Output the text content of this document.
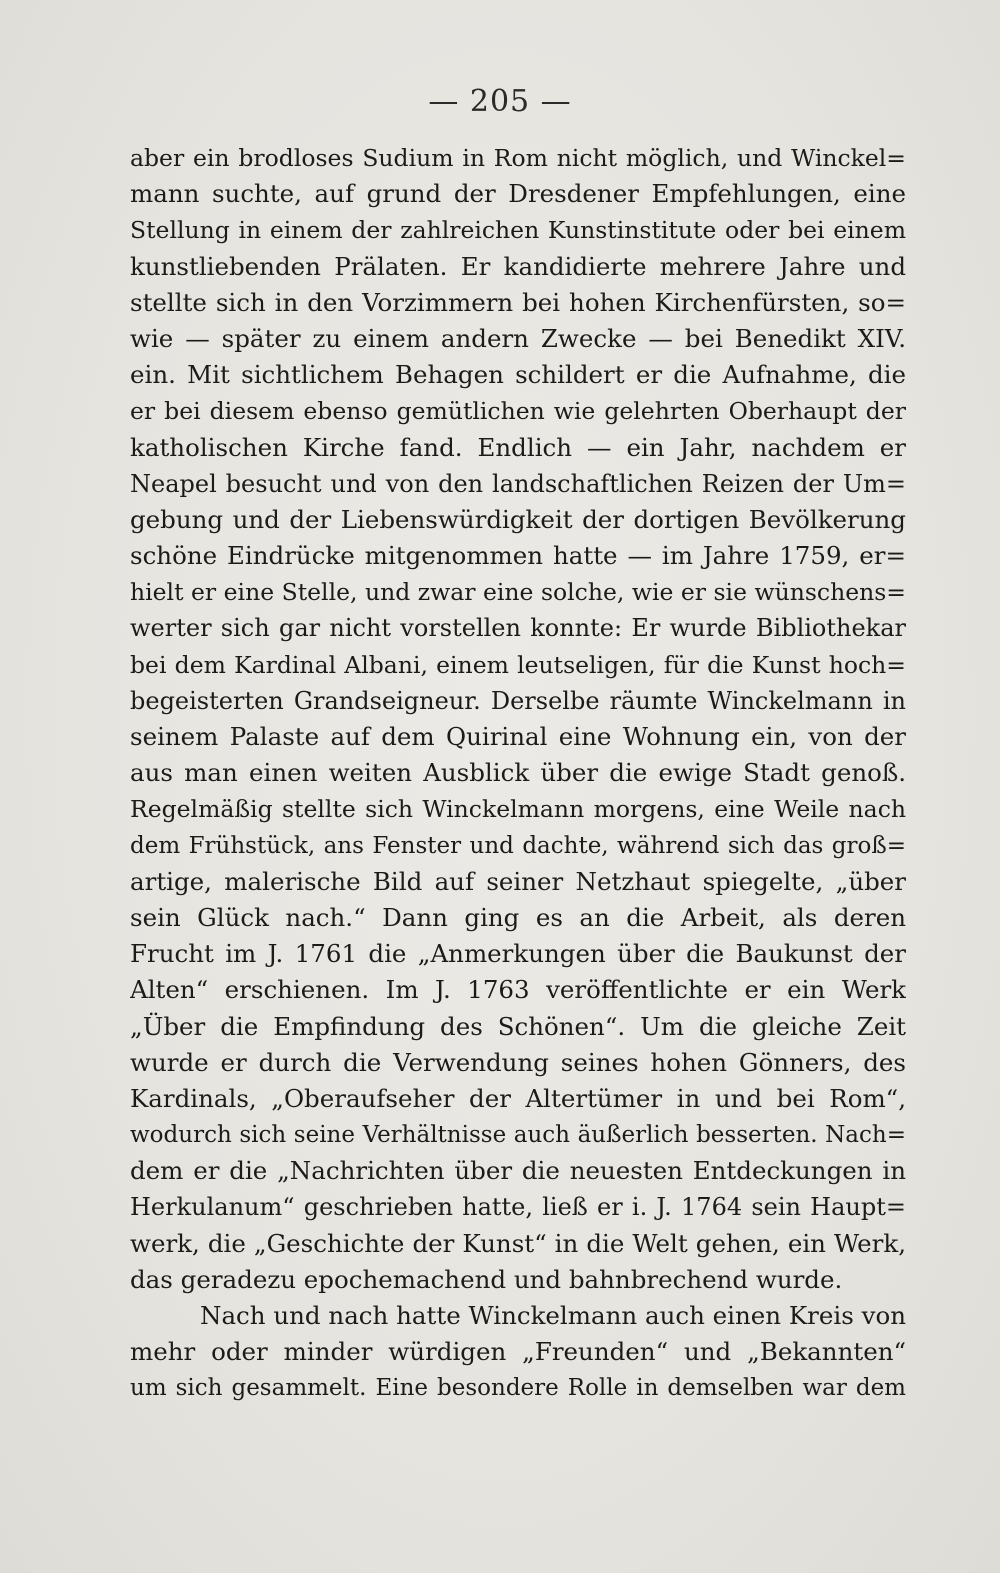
— 205 —
aber ein brodloses Sudium in Rom nicht möglich, und Winckel=
mann suchte, auf grund der Dresdener Empfehlungen, eine
Stellung in einem der zahlreichen Kunstinstitute oder bei einem
kunstliebenden Prälaten. Er kandidierte mehrere Jahre und
stellte sich in den Vorzimmern bei hohen Kirchenfürsten, so=
wie — später zu einem andern Zwecke — bei Benedikt XIV.
ein. Mit sichtlichem Behagen schildert er die Aufnahme, die
er bei diesem ebenso gemütlichen wie gelehrten Oberhaupt der
katholischen Kirche fand. Endlich — ein Jahr, nachdem er
Neapel besucht und von den landschaftlichen Reizen der Um=
gebung und der Liebenswürdigkeit der dortigen Bevölkerung
schöne Eindrücke mitgenommen hatte — im Jahre 1759, er=
hielt er eine Stelle, und zwar eine solche, wie er sie wünschens=
werter sich gar nicht vorstellen konnte: Er wurde Bibliothekar
bei dem Kardinal Albani, einem leutseligen, für die Kunst hoch=
begeisterten Grandseigneur. Derselbe räumte Winckelmann in
seinem Palaste auf dem Quirinal eine Wohnung ein, von der
aus man einen weiten Ausblick über die ewige Stadt genoß.
Regelmäßig stellte sich Winckelmann morgens, eine Weile nach
dem Frühstück, ans Fenster und dachte, während sich das groß=
artige, malerische Bild auf seiner Netzhaut spiegelte, „über
sein Glück nach.“ Dann ging es an die Arbeit, als deren
Frucht im J. 1761 die „Anmerkungen über die Baukunst der
Alten“ erschienen. Im J. 1763 veröffentlichte er ein Werk
„Über die Empfindung des Schönen“. Um die gleiche Zeit
wurde er durch die Verwendung seines hohen Gönners, des
Kardinals, „Oberaufseher der Altertümer in und bei Rom“,
wodurch sich seine Verhältnisse auch äußerlich besserten. Nach=
dem er die „Nachrichten über die neuesten Entdeckungen in
Herkulanum“ geschrieben hatte, ließ er i. J. 1764 sein Haupt=
werk, die „Geschichte der Kunst“ in die Welt gehen, ein Werk,
das geradezu epochemachend und bahnbrechend wurde.
Nach und nach hatte Winckelmann auch einen Kreis von
mehr oder minder würdigen „Freunden“ und „Bekannten“
um sich gesammelt. Eine besondere Rolle in demselben war dem
